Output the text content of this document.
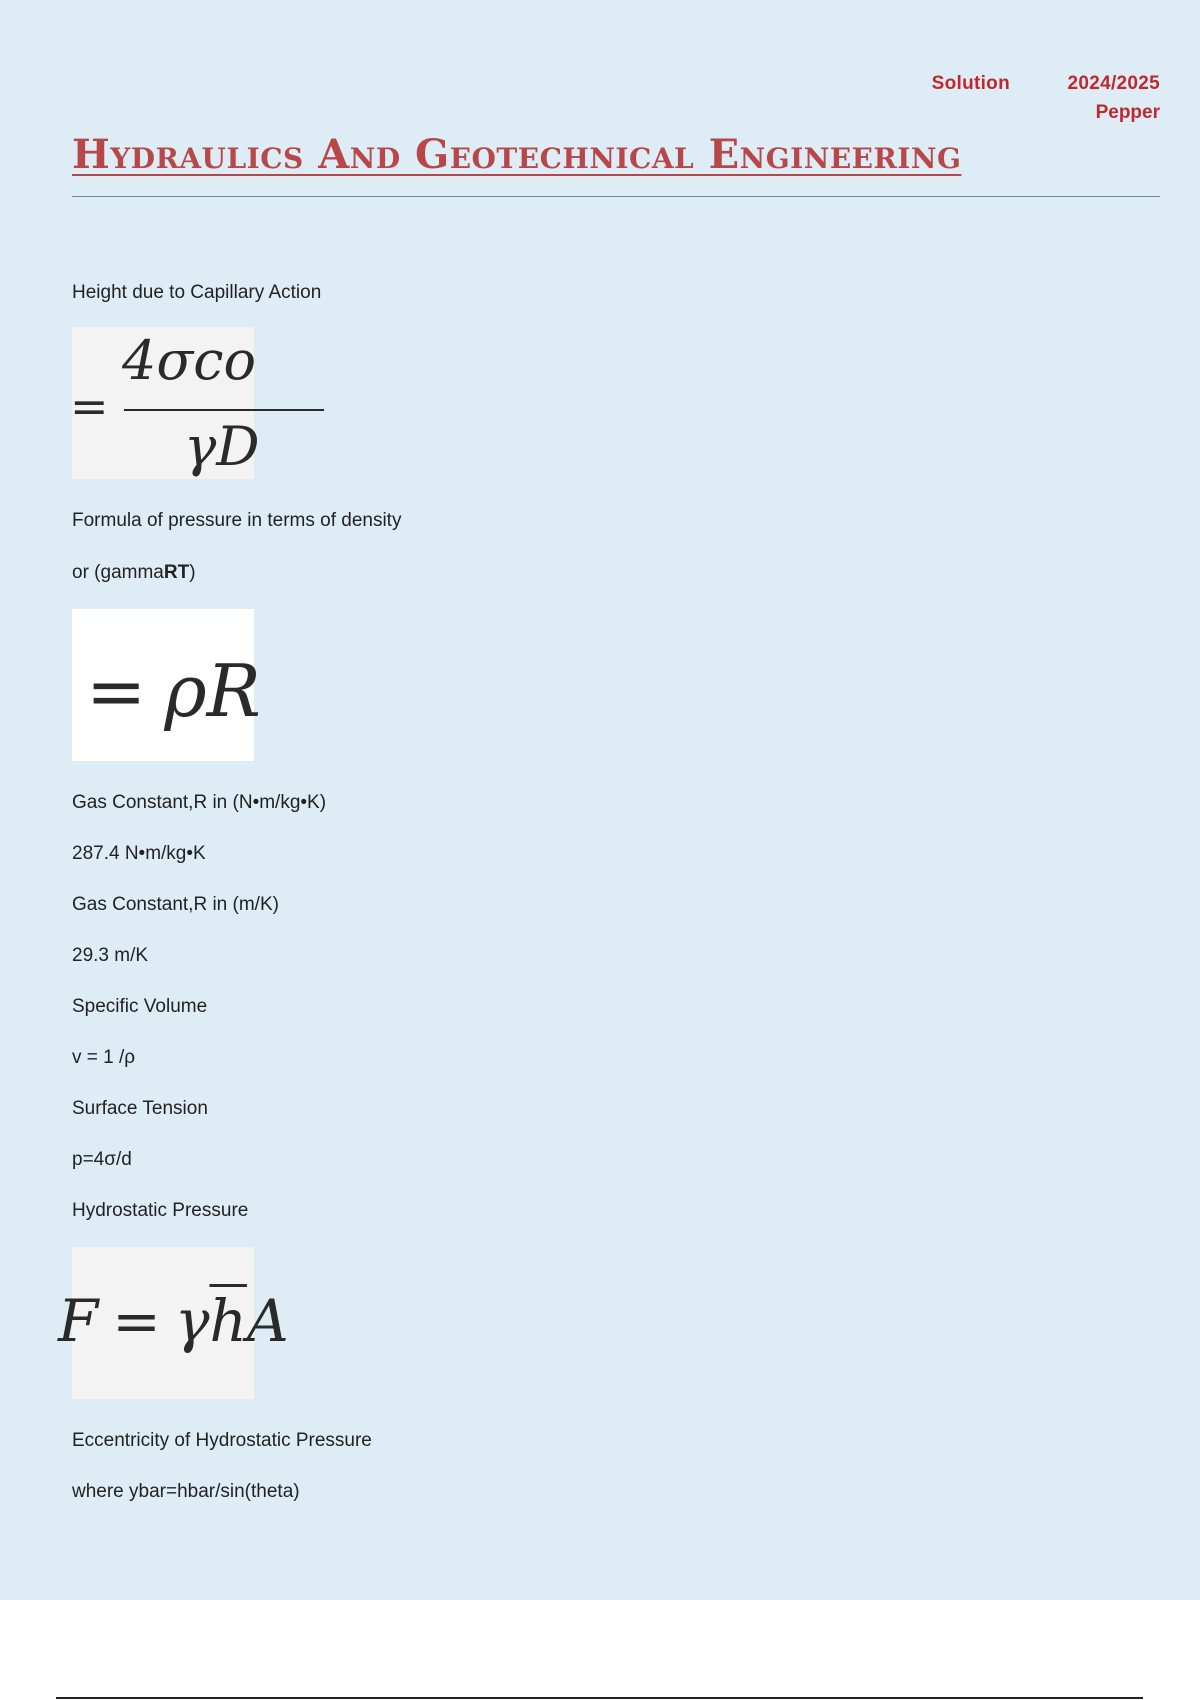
Solution	2024/2025
Pepper
Hydraulics And Geotechnical Engineering

Height due to Capillary Action

=
4σco
γD

Formula of pressure in terms of density

or (gammaRT)

= ρR

Gas Constant,R in (N•m/kg•K)

287.4 N•m/kg•K

Gas Constant,R in (m/K)

29.3 m/K

Specific Volume

v = 1 /ρ

Surface Tension

p=4σ/d

Hydrostatic Pressure

$F = \gamma\overline{h}A$

Eccentricity of Hydrostatic Pressure

where ybar=hbar/sin(theta)
